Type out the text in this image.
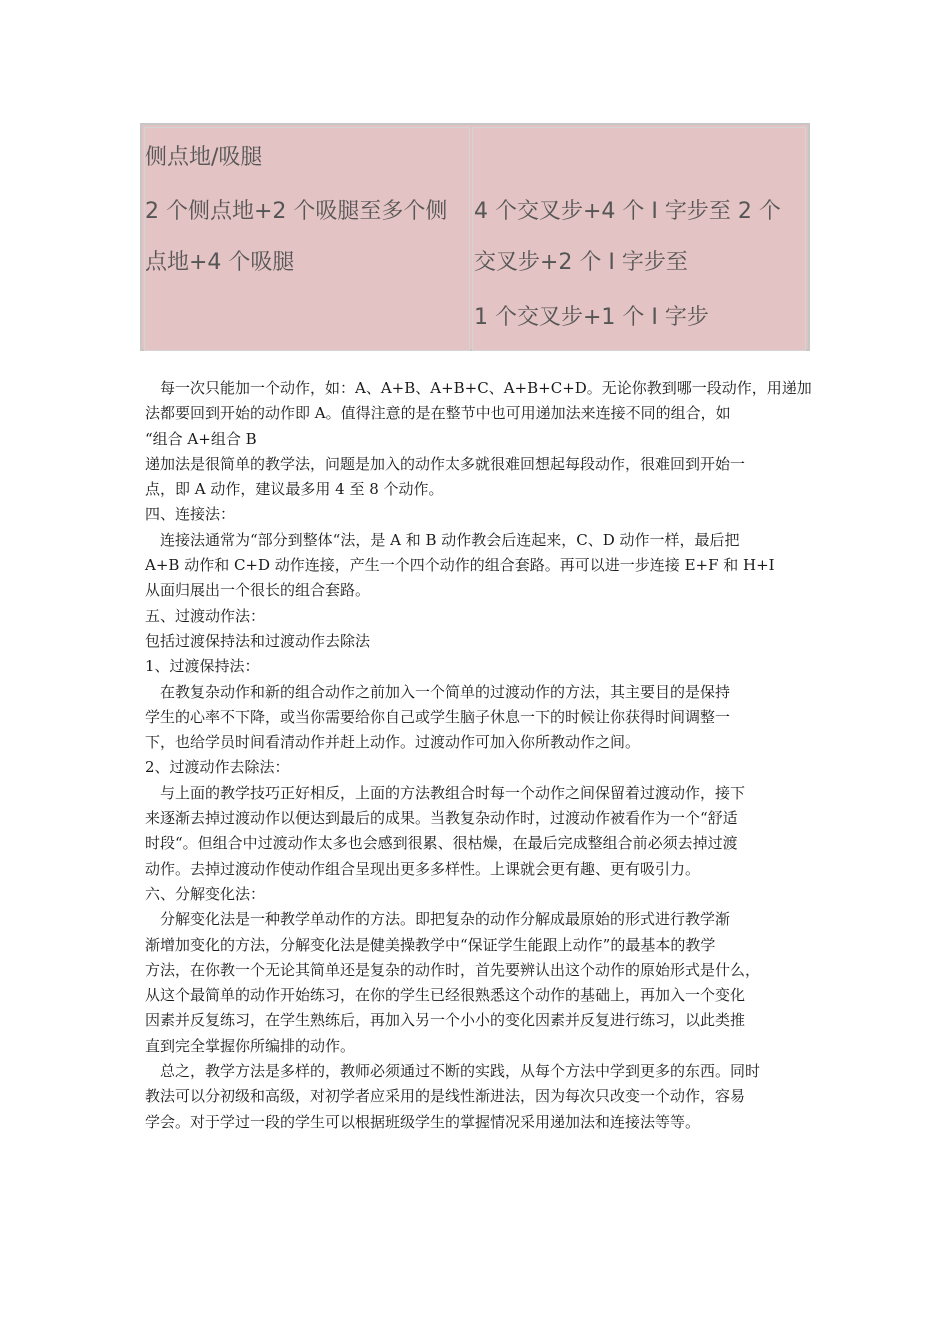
侧点地/吸腿
2 个侧点地+2 个吸腿至多个侧
点地+4 个吸腿
4 个交叉步+4 个 I 字步至 2 个
交叉步+2 个 I 字步至
1 个交叉步+1 个 I 字步

每一次只能加一个动作，如：A、A+B、A+B+C、A+B+C+D。无论你教到哪一段动作，用递加

法都要回到开始的动作即 A。值得注意的是在整节中也可用递加法来连接不同的组合，如

“组合 A+组合 B

递加法是很简单的教学法，问题是加入的动作太多就很难回想起每段动作，很难回到开始一

点，即 A 动作，建议最多用 4 至 8 个动作。

四、连接法：

连接法通常为“部分到整体“法，是 A 和 B 动作教会后连起来，C、D 动作一样，最后把

A+B 动作和 C+D 动作连接，产生一个四个动作的组合套路。再可以进一步连接 E+F 和 H+I

从面归展出一个很长的组合套路。

五、过渡动作法：

包括过渡保持法和过渡动作去除法

1、过渡保持法：

在教复杂动作和新的组合动作之前加入一个简单的过渡动作的方法，其主要目的是保持

学生的心率不下降，或当你需要给你自己或学生脑子休息一下的时候让你获得时间调整一

下，也给学员时间看清动作并赶上动作。过渡动作可加入你所教动作之间。

2、过渡动作去除法：

与上面的教学技巧正好相反，上面的方法教组合时每一个动作之间保留着过渡动作，接下

来逐渐去掉过渡动作以便达到最后的成果。当教复杂动作时，过渡动作被看作为一个“舒适

时段“。但组合中过渡动作太多也会感到很累、很枯燥，在最后完成整组合前必须去掉过渡

动作。去掉过渡动作使动作组合呈现出更多多样性。上课就会更有趣、更有吸引力。

六、分解变化法：

分解变化法是一种教学单动作的方法。即把复杂的动作分解成最原始的形式进行教学渐

渐增加变化的方法，分解变化法是健美操教学中“保证学生能跟上动作”的最基本的教学

方法，在你教一个无论其简单还是复杂的动作时，首先要辨认出这个动作的原始形式是什么，

从这个最简单的动作开始练习，在你的学生已经很熟悉这个动作的基础上，再加入一个变化

因素并反复练习，在学生熟练后，再加入另一个小小的变化因素并反复进行练习，以此类推

直到完全掌握你所编排的动作。

总之，教学方法是多样的，教师必须通过不断的实践，从每个方法中学到更多的东西。同时

教法可以分初级和高级，对初学者应采用的是线性渐进法，因为每次只改变一个动作，容易

学会。对于学过一段的学生可以根据班级学生的掌握情况采用递加法和连接法等等。
